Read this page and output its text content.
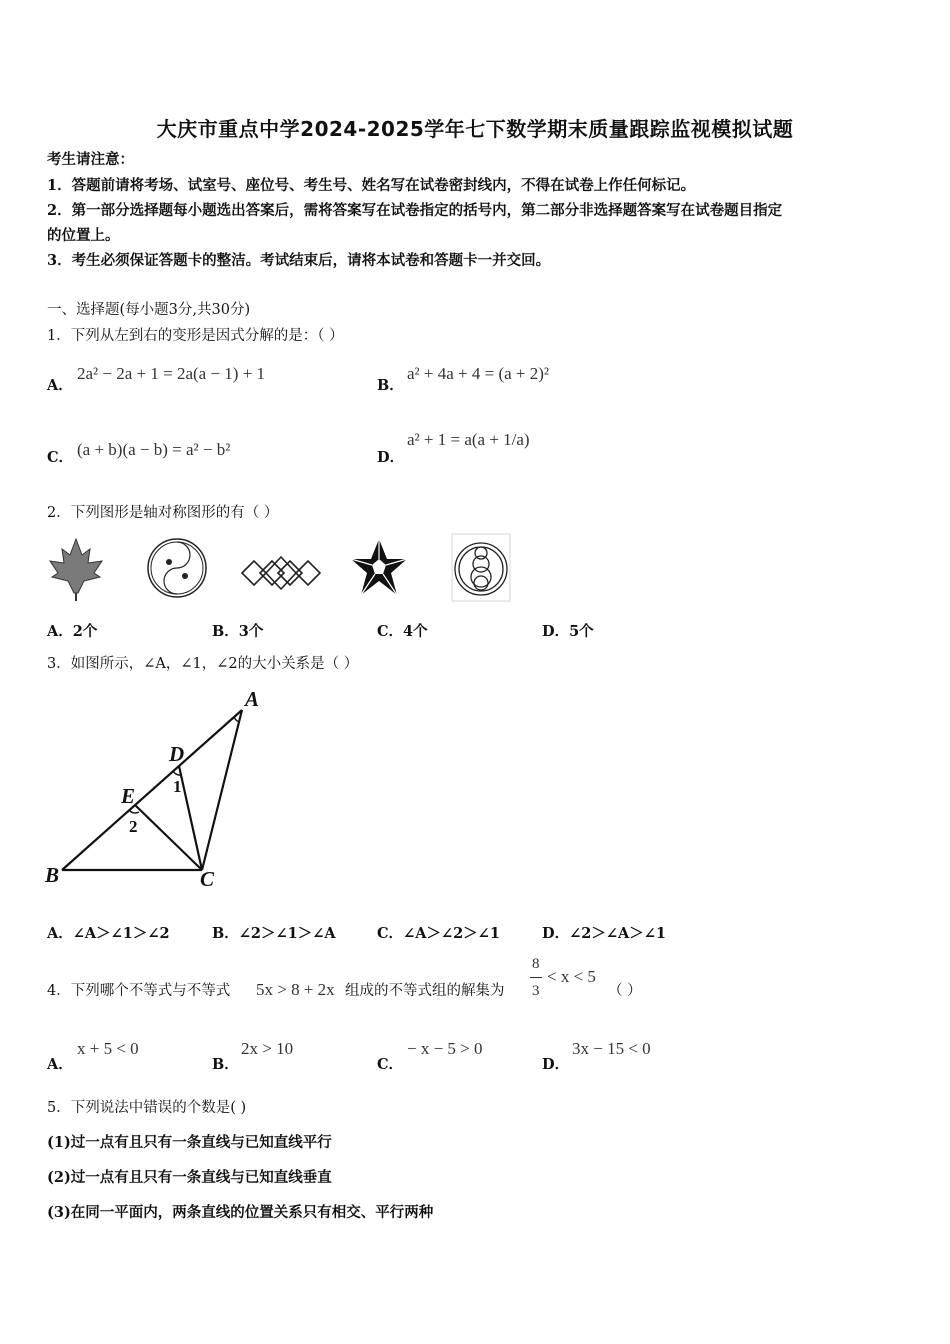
大庆市重点中学2024-2025学年七下数学期末质量跟踪监视模拟试题
考生请注意：
1．答题前请将考场、试室号、座位号、考生号、姓名写在试卷密封线内，不得在试卷上作任何标记。
2．第一部分选择题每小题选出答案后，需将答案写在试卷指定的括号内，第二部分非选择题答案写在试卷题目指定
的位置上。
3．考生必须保证答题卡的整洁。考试结束后，请将本试卷和答题卡一并交回。
一、选择题(每小题3分,共30分)
1．下列从左到右的变形是因式分解的是：（ ）
A．
2a² − 2a + 1 = 2a(a − 1) + 1
B．
a² + 4a + 4 = (a + 2)²
C． (a + b)(a − b) = a² − b²	D．
a² + 1 = a(a + 1/a)
2．下列图形是轴对称图形的有（ ）
A．2个	B．3个	C．4个	D．5个
3．如图所示，∠A，∠1，∠2的大小关系是（ ）
A
B	C
D
E 1
2
A．∠A＞∠1＞∠2	B．∠2＞∠1＞∠A	C．∠A＞∠2＞∠1	D．∠2＞∠A＞∠1
4．下列哪个不等式与不等式 5x > 8 + 2x 组成的不等式组的解集为
8
3
< x < 5
（ ）
A．
x + 5 < 0
B．
2x > 10
C．
− x − 5 > 0
D．
3x − 15 < 0
5．下列说法中错误的个数是( )
(1)过一点有且只有一条直线与已知直线平行
(2)过一点有且只有一条直线与已知直线垂直
(3)在同一平面内，两条直线的位置关系只有相交、平行两种
